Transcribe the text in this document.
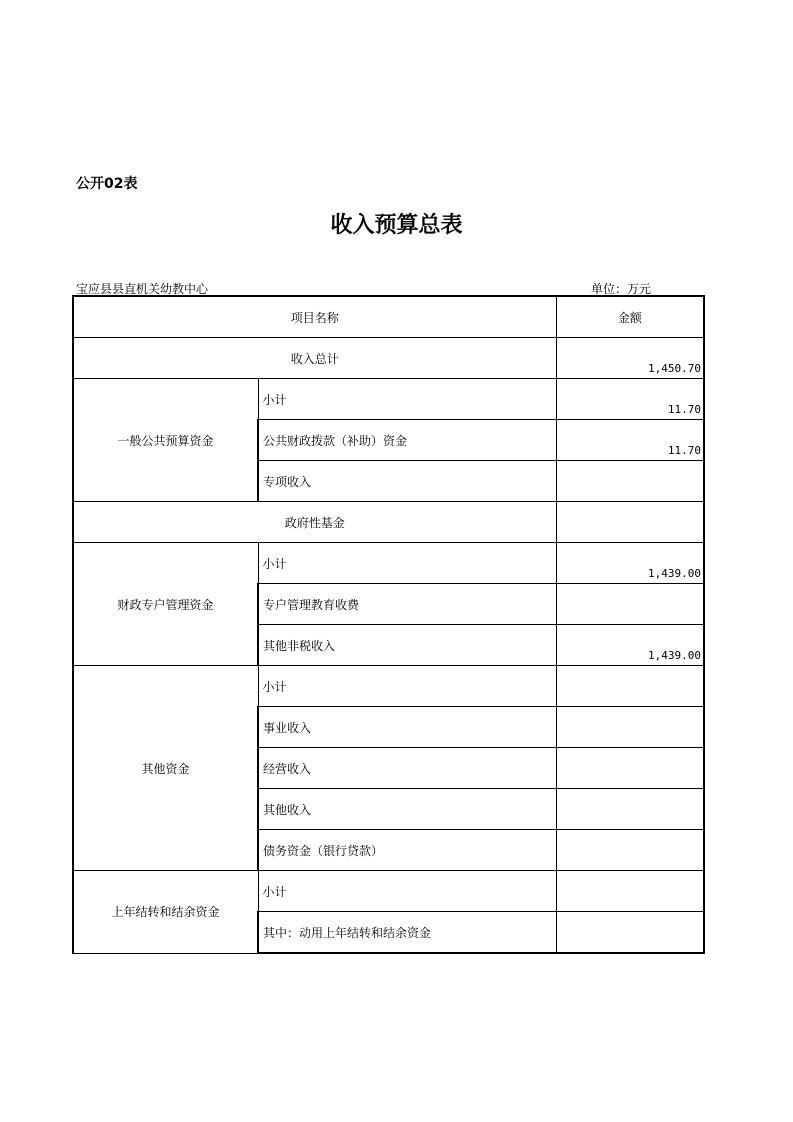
公开02表
收入预算总表
宝应县县直机关幼教中心	单位：万元
项目名称		金额
收入总计		1,450.70

一般公共预算资金	小计	11.70

	公共财政拨款（补助）资金	11.70

	专项收入	

政府性基金		

财政专户管理资金	小计	1,439.00

	专户管理教育收费	

	其他非税收入	1,439.00

其他资金	小计	

	事业收入	

	经营收入	

	其他收入	

	债务资金（银行贷款）	

上年结转和结余资金	小计	

	其中：动用上年结转和结余资金	
